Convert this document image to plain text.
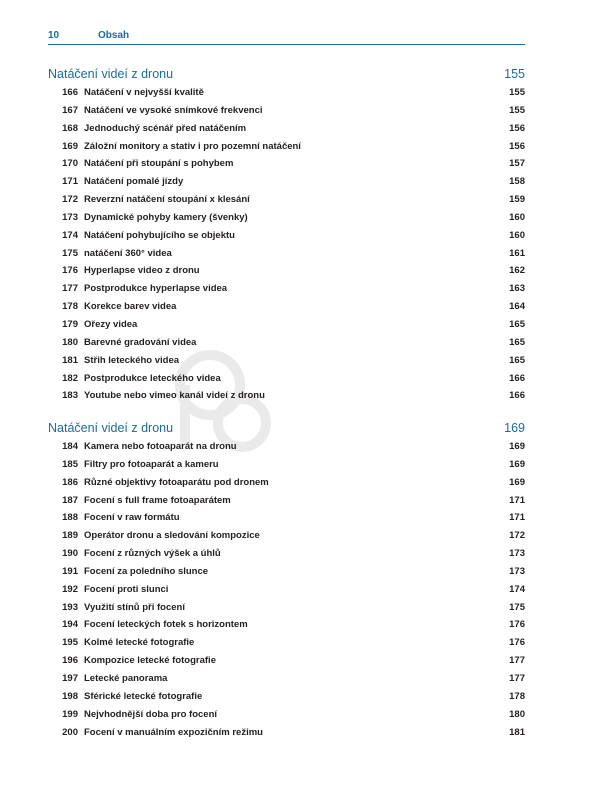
10	Obsah
Natáčení videí z dronu	155
166 Natáčení v nejvyšší kvalitě	155
167 Natáčení ve vysoké snímkové frekvenci	155
168 Jednoduchý scénář před natáčením	156
169 Záložní monitory a stativ i pro pozemní natáčení	156
170 Natáčení při stoupání s pohybem	157
171 Natáčení pomalé jízdy	158
172 Reverzní natáčení stoupání x klesání	159
173 Dynamické pohyby kamery (švenky)	160
174 Natáčení pohybujícího se objektu	160
175 natáčení 360° videa	161
176 Hyperlapse video z dronu	162
177 Postprodukce hyperlapse videa	163
178 Korekce barev videa	164
179 Ořezy videa	165
180 Barevné gradování videa	165
181 Střih leteckého videa	165
182 Postprodukce leteckého videa	166
183 Youtube nebo vimeo kanál videí z dronu	166
Natáčení videí z dronu	169
184 Kamera nebo fotoaparát na dronu	169
185 Filtry pro fotoaparát a kameru	169
186 Různé objektivy fotoaparátu pod dronem	169
187 Focení s full frame fotoaparátem	171
188 Focení v raw formátu	171
189 Operátor dronu a sledování kompozice	172
190 Focení z různých výšek a úhlů	173
191 Focení za poledního slunce	173
192 Focení proti slunci	174
193 Využití stínů při focení	175
194 Focení leteckých fotek s horizontem	176
195 Kolmé letecké fotografie	176
196 Kompozice letecké fotografie	177
197 Letecké panorama	177
198 Sférické letecké fotografie	178
199 Nejvhodnější doba pro focení	180
200 Focení v manuálním expozičním režimu	181
